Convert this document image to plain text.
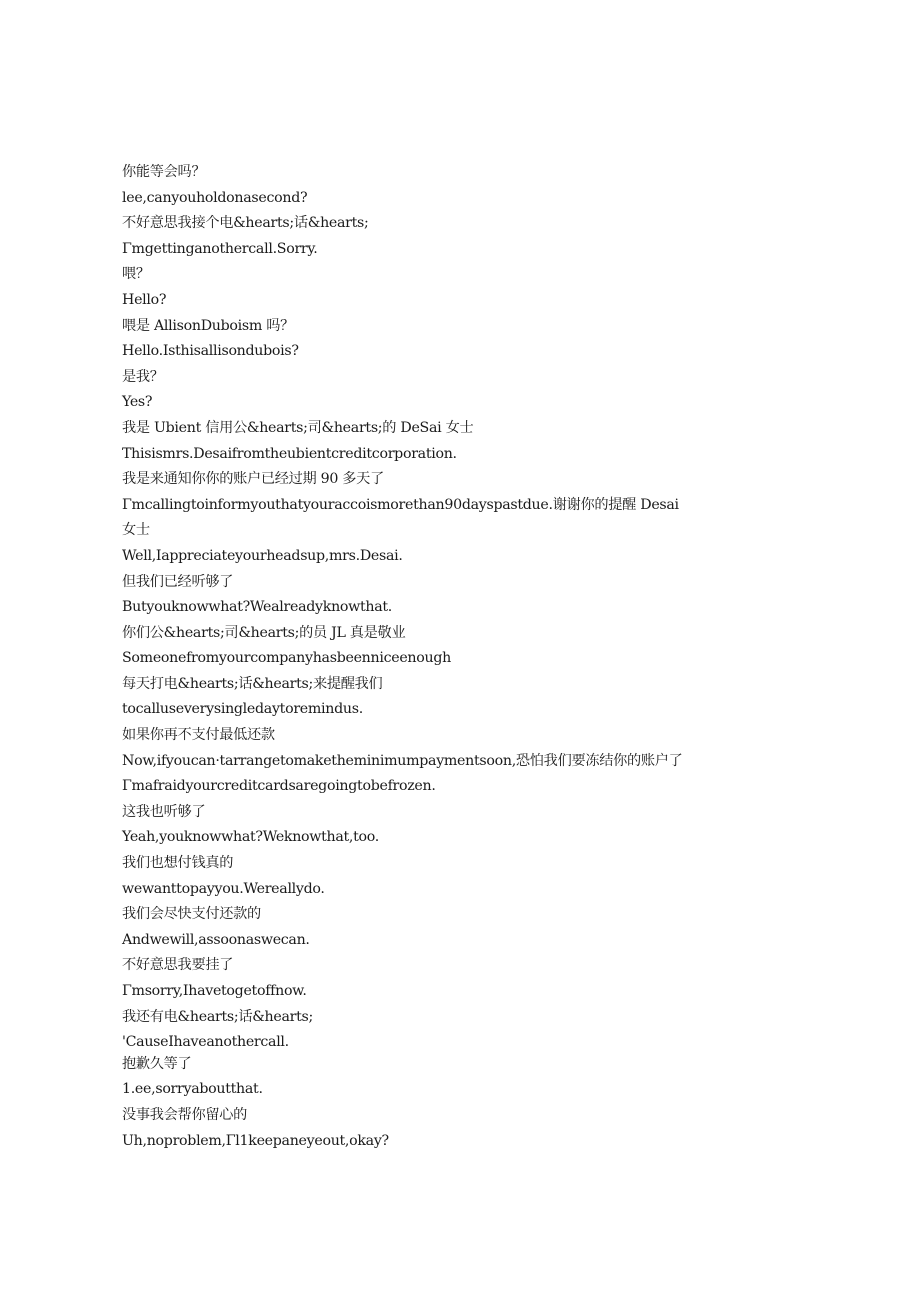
你能等会吗？
lee,canyouholdonasecond?
不好意思我接个电&hearts;话&hearts;
Γmgettinganothercall.Sorry.
喂？
Hello?
喂是 AllisonDuboism 吗？
Hello.Isthisallisondubois?
是我？
Yes?
我是 Ubient 信用公&hearts;司&hearts;的 DeSai 女士
Thisismrs.Desaifromtheubientcreditcorporation.
我是来通知你你的账户已经过期 90 多天了
Γmcallingtoinformyouthatyouraccoismorethan90dayspastdue.谢谢你的提醒 Desai 女士
Well,Iappreciateyourheadsup,mrs.Desai.
但我们已经听够了
Butyouknowwhat?Wealreadyknowthat.
你们公&hearts;司&hearts;的员 JL 真是敬业
Someonefromyourcompanyhasbeenniceenough
每天打电&hearts;话&hearts;来提醒我们
tocalluseverysingledaytoremindus.
如果你再不支付最低还款
Now,ifyoucan·tarrangetomaketheminimumpaymentsoon,恐怕我们要冻结你的账户了
Γmafraidyourcreditcardsaregoingtobefrozen.
这我也听够了
Yeah,youknowwhat?Weknowthat,too.
我们也想付钱真的
wewanttopayyou.Wereallydo.
我们会尽快支付还款的
Andwewill,assoonaswecan.
不好意思我要挂了
Γmsorry,Ihavetogetoffnow.
我还有电&hearts;话&hearts;
'CauseIhaveanothercall.
抱歉久等了
1.ee,sorryaboutthat.
没事我会帮你留心的
Uh,noproblem,Γl1keepaneyeout,okay?
